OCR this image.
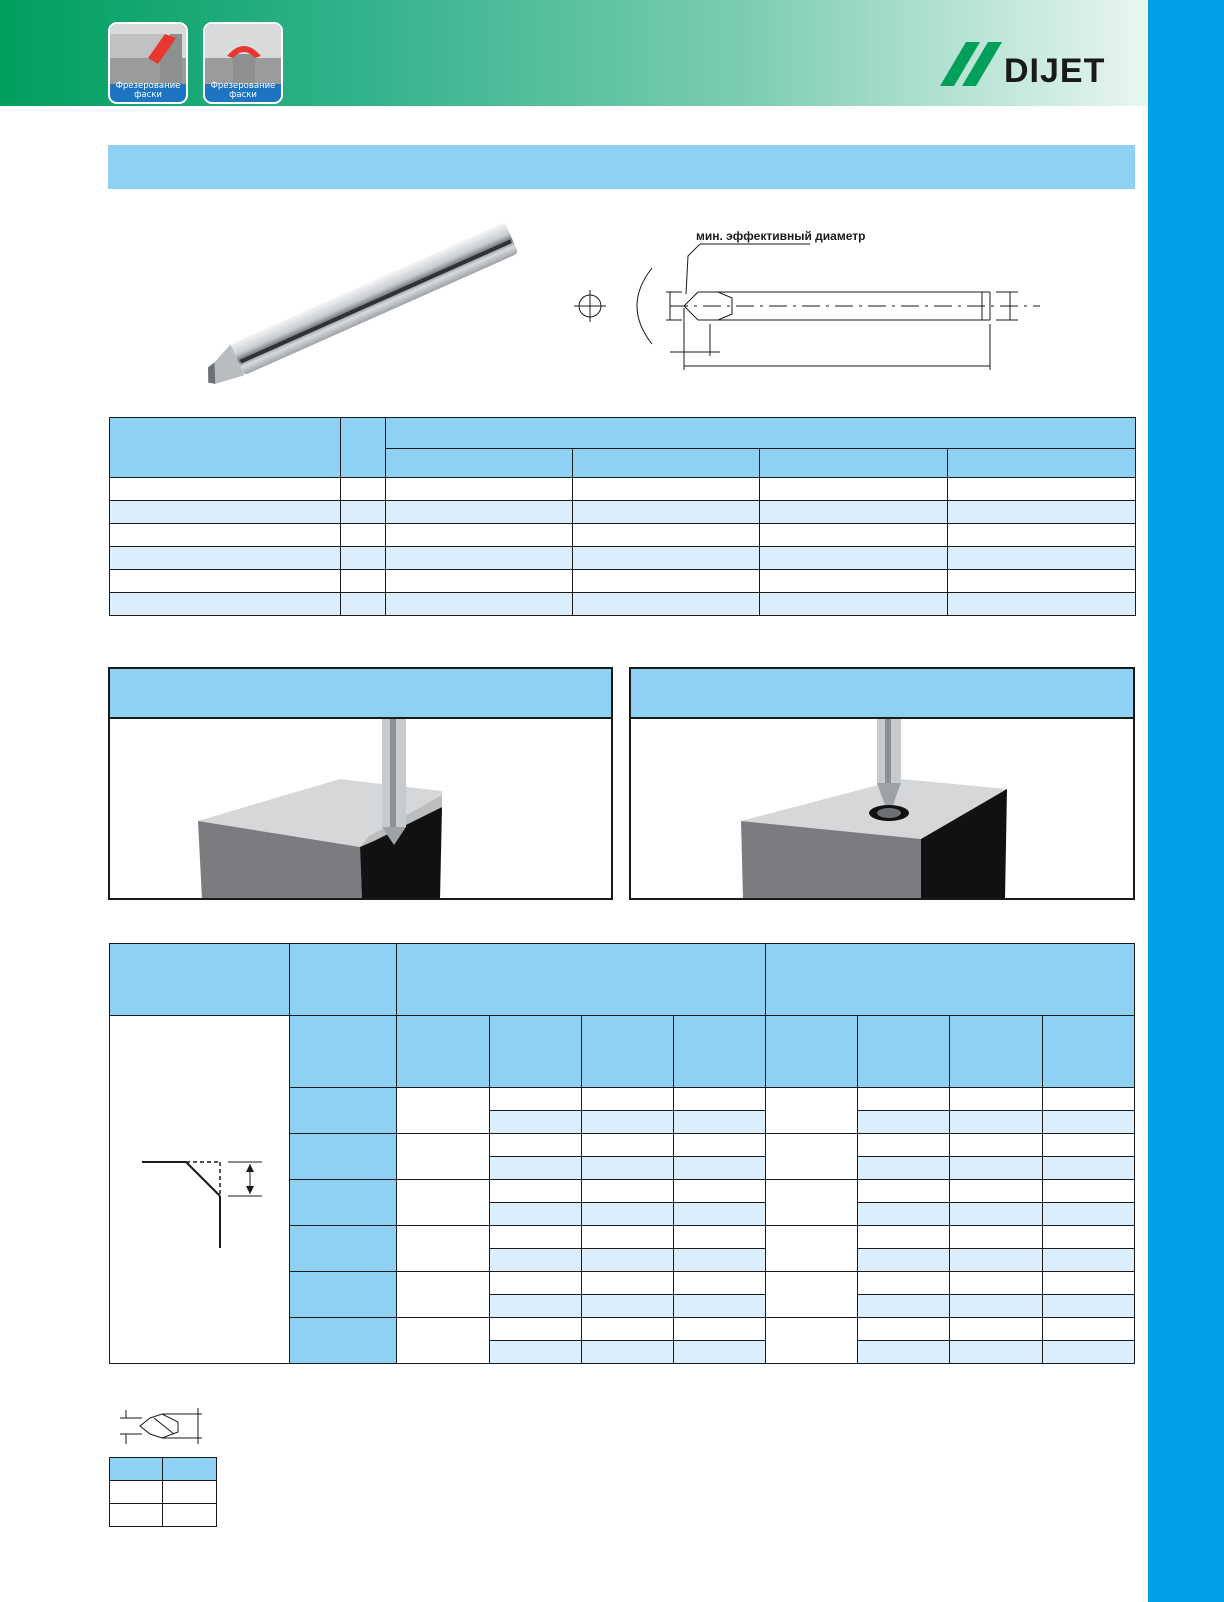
Фрезерование
фаски
Фрезерование
фаски
DIJET
мин. эффективный диаметр
